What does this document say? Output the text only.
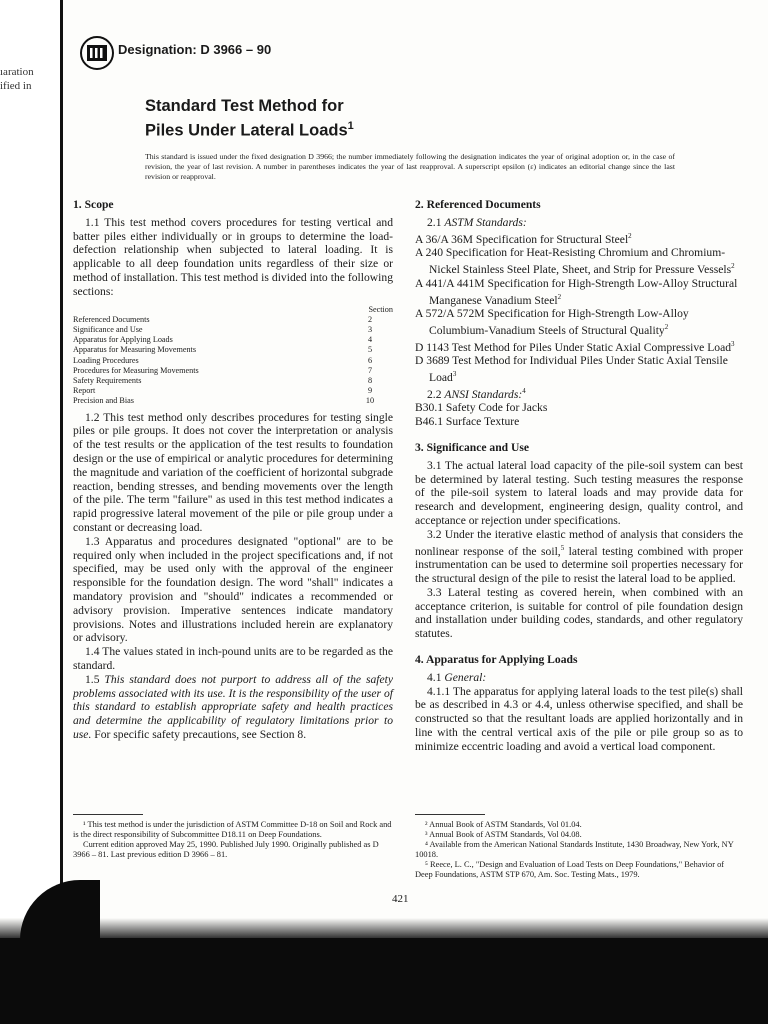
ıaration
ified in
Designation: D 3966 – 90
Standard Test Method for
Piles Under Lateral Loads$^1$
This standard is issued under the fixed designation D 3966; the number immediately following the designation indicates the year of original adoption or, in the case of revision, the year of last revision. A number in parentheses indicates the year of last reapproval. A superscript epsilon (ε) indicates an editorial change since the last revision or reapproval.
1. Scope

1.1 This test method covers procedures for testing vertical and batter piles either individually or in groups to determine the load-defection relationship when subjected to lateral loading. It is applicable to all deep foundation units regardless of their size or method of installation. This test method is divided into the following sections:

Section
Referenced Documents	2
Significance and Use	3
Apparatus for Applying Loads	4
Apparatus for Measuring Movements	5
Loading Procedures	6
Procedures for Measuring Movements	7
Safety Requirements	8
Report	9
Precision and Bias	10

1.2 This test method only describes procedures for testing single piles or pile groups. It does not cover the interpretation or analysis of the test results or the application of the test results to foundation design or the use of empirical or analytic procedures for determining the magnitude and variation of the coefficient of horizontal subgrade reaction, bending stresses, and bending movements over the length of the pile. The term "failure" as used in this test method indicates a rapid progressive lateral movement of the pile or pile group under a constant or decreasing load.

1.3 Apparatus and procedures designated "optional" are to be required only when included in the project specifications and, if not specified, may be used only with the approval of the engineer responsible for the foundation design. The word "shall" indicates a mandatory provision and "should" indicates a recommended or advisory provision. Imperative sentences indicate mandatory provisions. Notes and illustrations included herein are explanatory or advisory.

1.4 The values stated in inch-pound units are to be regarded as the standard.

1.5 This standard does not purport to address all of the safety problems associated with its use. It is the responsibility of the user of this standard to establish appropriate safety and health practices and determine the applicability of regulatory limitations prior to use. For specific safety precautions, see Section 8.

2. Referenced Documents

2.1 ASTM Standards:

A 36/A 36M Specification for Structural Steel$^2$

A 240 Specification for Heat-Resisting Chromium and Chromium-Nickel Stainless Steel Plate, Sheet, and Strip for Pressure Vessels$^2$

A 441/A 441M Specification for High-Strength Low-Alloy Structural Manganese Vanadium Steel$^2$

A 572/A 572M Specification for High-Strength Low-Alloy Columbium-Vanadium Steels of Structural Quality$^2$

D 1143 Test Method for Piles Under Static Axial Compressive Load$^3$

D 3689 Test Method for Individual Piles Under Static Axial Tensile Load$^3$

2.2 ANSI Standards:$^4$

B30.1 Safety Code for Jacks

B46.1 Surface Texture

3. Significance and Use

3.1 The actual lateral load capacity of the pile-soil system can best be determined by lateral testing. Such testing measures the response of the pile-soil system to lateral loads and may provide data for research and development, engineering design, quality control, and acceptance or rejection under specifications.

3.2 Under the iterative elastic method of analysis that considers the nonlinear response of the soil,$^5$ lateral testing combined with proper instrumentation can be used to determine soil properties necessary for the structural design of the pile to resist the lateral load to be applied.

3.3 Lateral testing as covered herein, when combined with an acceptance criterion, is suitable for control of pile foundation design and installation under building codes, standards, and other regulatory statutes.

4. Apparatus for Applying Loads

4.1 General:

4.1.1 The apparatus for applying lateral loads to the test pile(s) shall be as described in 4.3 or 4.4, unless otherwise specified, and shall be constructed so that the resultant loads are applied horizontally and in line with the central vertical axis of the pile or pile group so as to minimize eccentric loading and avoid a vertical load component.

¹ This test method is under the jurisdiction of ASTM Committee D-18 on Soil and Rock and is the direct responsibility of Subcommittee D18.11 on Deep Foundations.

Current edition approved May 25, 1990. Published July 1990. Originally published as D 3966 – 81. Last previous edition D 3966 – 81.

² Annual Book of ASTM Standards, Vol 01.04.

³ Annual Book of ASTM Standards, Vol 04.08.

⁴ Available from the American National Standards Institute, 1430 Broadway, New York, NY 10018.

⁵ Reece, L. C., "Design and Evaluation of Load Tests on Deep Foundations," Behavior of Deep Foundations, ASTM STP 670, Am. Soc. Testing Mats., 1979.

421
